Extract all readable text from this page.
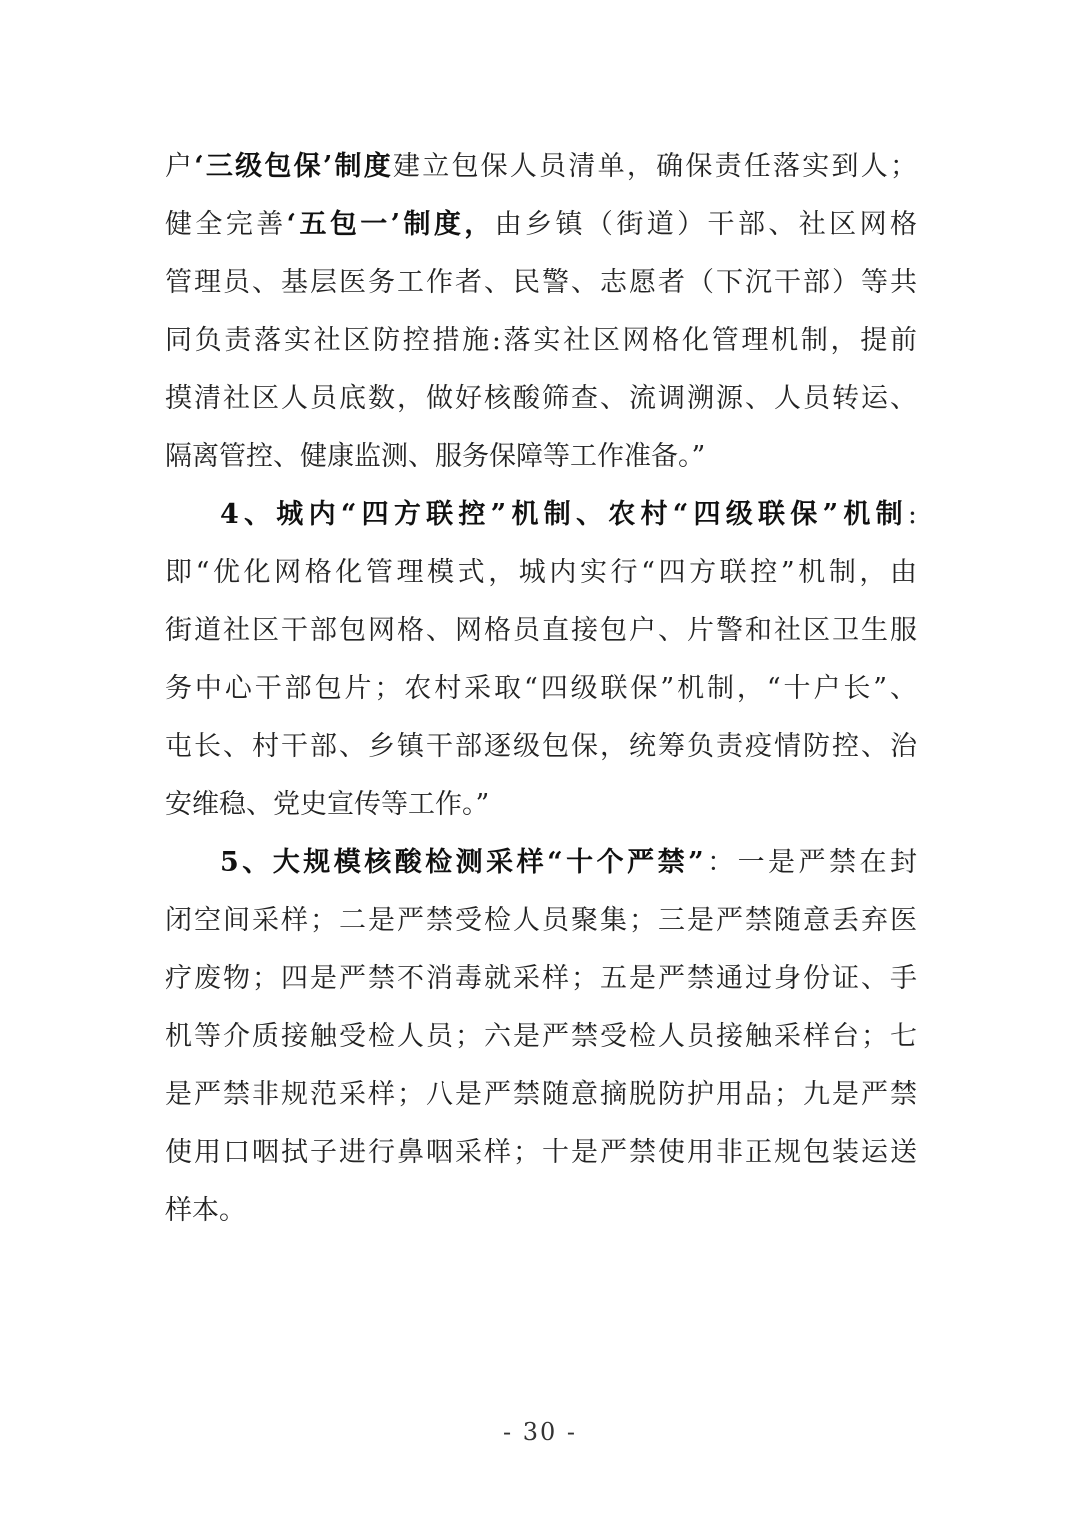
户‘三级包保’制度建立包保人员清单，确保责任落实到人；
健全完善‘五包一’制度，由乡镇（街道）干部、社区网格
管理员、基层医务工作者、民警、志愿者（下沉干部）等共
同负责落实社区防控措施:落实社区网格化管理机制，提前
摸清社区人员底数，做好核酸筛查、流调溯源、人员转运、
隔离管控、健康监测、服务保障等工作准备。”
4、城内“四方联控”机制、农村“四级联保”机制:
即“优化网格化管理模式，城内实行“四方联控”机制，由
街道社区干部包网格、网格员直接包户、片警和社区卫生服
务中心干部包片；农村采取“四级联保”机制，“十户长”、
屯长、村干部、乡镇干部逐级包保，统筹负责疫情防控、治
安维稳、党史宣传等工作。”
5、大规模核酸检测采样“十个严禁”：一是严禁在封
闭空间采样；二是严禁受检人员聚集；三是严禁随意丢弃医
疗废物；四是严禁不消毒就采样；五是严禁通过身份证、手
机等介质接触受检人员；六是严禁受检人员接触采样台；七
是严禁非规范采样；八是严禁随意摘脱防护用品；九是严禁
使用口咽拭子进行鼻咽采样；十是严禁使用非正规包装运送
样本。
- 30 -
